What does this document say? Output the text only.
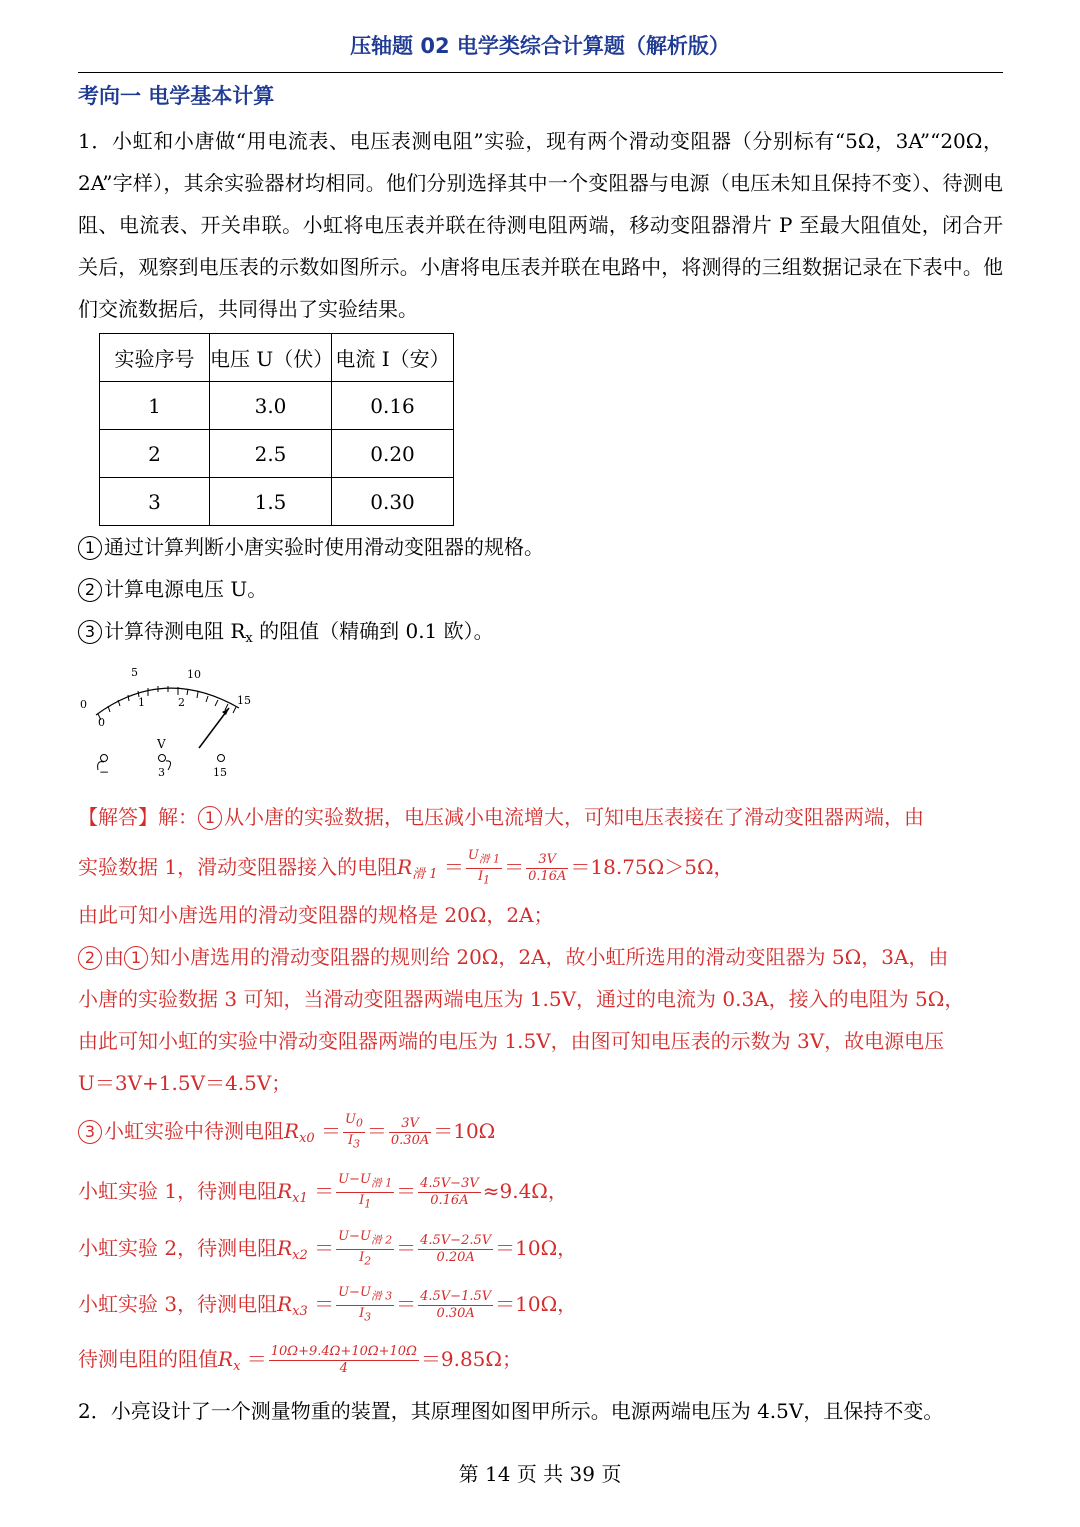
压轴题 02 电学类综合计算题（解析版）
考向一 电学基本计算
1．小虹和小唐做“用电流表、电压表测电阻”实验，现有两个滑动变阻器（分别标有“5Ω，3A”“20Ω，2A”字样），其余实验器材均相同。他们分别选择其中一个变阻器与电源（电压未知且保持不变）、待测电阻、电流表、开关串联。小虹将电压表并联在待测电阻两端，移动变阻器滑片 P 至最大阻值处，闭合开关后，观察到电压表的示数如图所示。小唐将电压表并联在电路中，将测得的三组数据记录在下表中。他们交流数据后，共同得出了实验结果。
实验序号	电压 U（伏）	电流 I（安）
1	3.0	0.16
2	2.5	0.20
3	1.5	0.30
1 通过计算判断小唐实验时使用滑动变阻器的规格。
2 计算电源电压 U。
3 计算待测电阻 $R_x$ 的阻值（精确到 0.1 欧）。
0
5	10
15
0
1	2
V
−	3	15
【解答】解： 1 从小唐的实验数据，电压减小电流增大，可知电压表接在了滑动变阻器两端，由
实验数据 1，滑动变阻器接入的电阻$R_{滑 1} = \frac{U_{滑 1}}{I_1} = \frac{3V}{0.16A} =18.75\Omega>5\Omega$，
由此可知小唐选用的滑动变阻器的规格是 20Ω，2A；
2 由 1 知小唐选用的滑动变阻器的规则给 20Ω，2A，故小虹所选用的滑动变阻器为 5Ω，3A，由
小唐的实验数据 3 可知，当滑动变阻器两端电压为 1.5V，通过的电流为 0.3A，接入的电阻为 5Ω，
由此可知小虹的实验中滑动变阻器两端的电压为 1.5V，由图可知电压表的示数为 3V，故电源电压
U＝3V+1.5V＝4.5V；
3 小虹实验中待测电阻$R_{x0} = \frac{U_0}{I_3} = \frac{3V}{0.30A} =10\Omega$
小虹实验 1，待测电阻$R_{x1} = \frac{U-U_{滑 1}}{I_1} = \frac{4.5V-3V}{0.16A} \approx 9.4\Omega$，
小虹实验 2，待测电阻$R_{x2} = \frac{U-U_{滑 2}}{I_2} = \frac{4.5V-2.5V}{0.20A} =10\Omega$，
小虹实验 3，待测电阻$R_{x3} = \frac{U-U_{滑 3}}{I_3} = \frac{4.5V-1.5V}{0.30A} =10\Omega$，
待测电阻的阻值$R_x = \frac{10\Omega+9.4\Omega+10\Omega+10\Omega}{4} =9.85\Omega$；
2．小亮设计了一个测量物重的装置，其原理图如图甲所示。电源两端电压为 4.5V，且保持不变。
第 14 页 共 39 页
